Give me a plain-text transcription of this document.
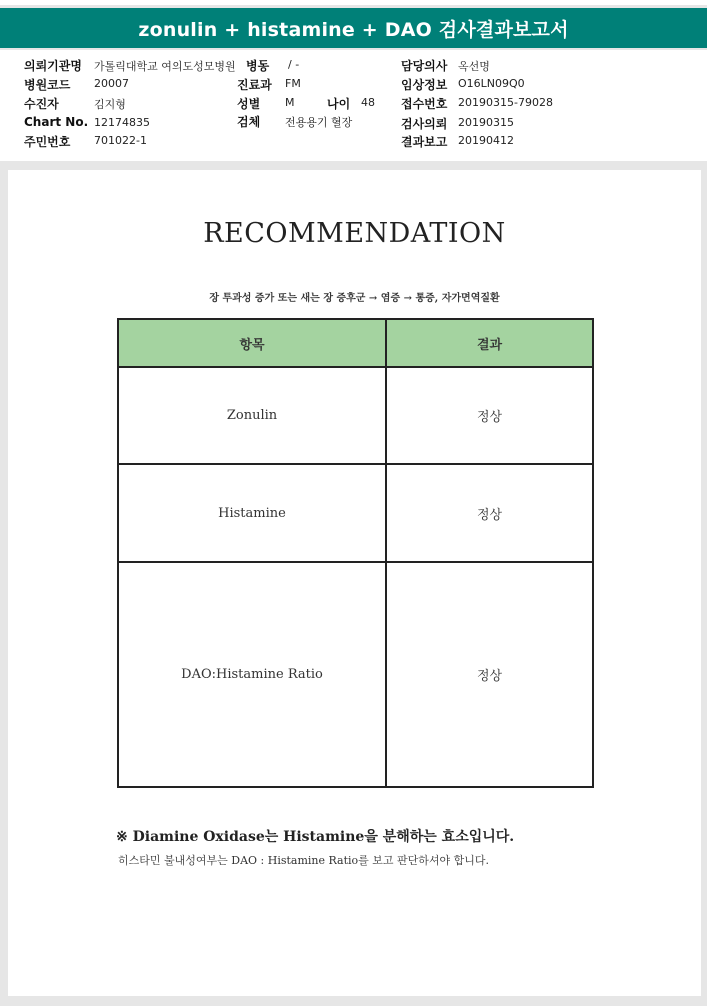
zonulin + histamine + DAO 검사결과보고서
의뢰기관명 가톨릭대학교 여의도성모병원 병동 / -	담당의사 옥선명
병원코드 20007	진료과 FM	임상정보 O16LN09Q0
수진자	김지형	성별 M	나이 48 접수번호 20190315-79028
Chart No. 12174835	검체 전용용기 혈장	검사의뢰 20190315
주민번호 701022-1	결과보고 20190412
RECOMMENDATION
장 투과성 증가 또는 새는 장 증후군 → 염증 → 통증, 자가면역질환
항목	결과
Zonulin	정상
Histamine	정상
DAO:Histamine Ratio	정상
※ Diamine Oxidase는 Histamine을 분해하는 효소입니다.
히스타민 불내성여부는 DAO : Histamine Ratio를 보고 판단하셔야 합니다.
